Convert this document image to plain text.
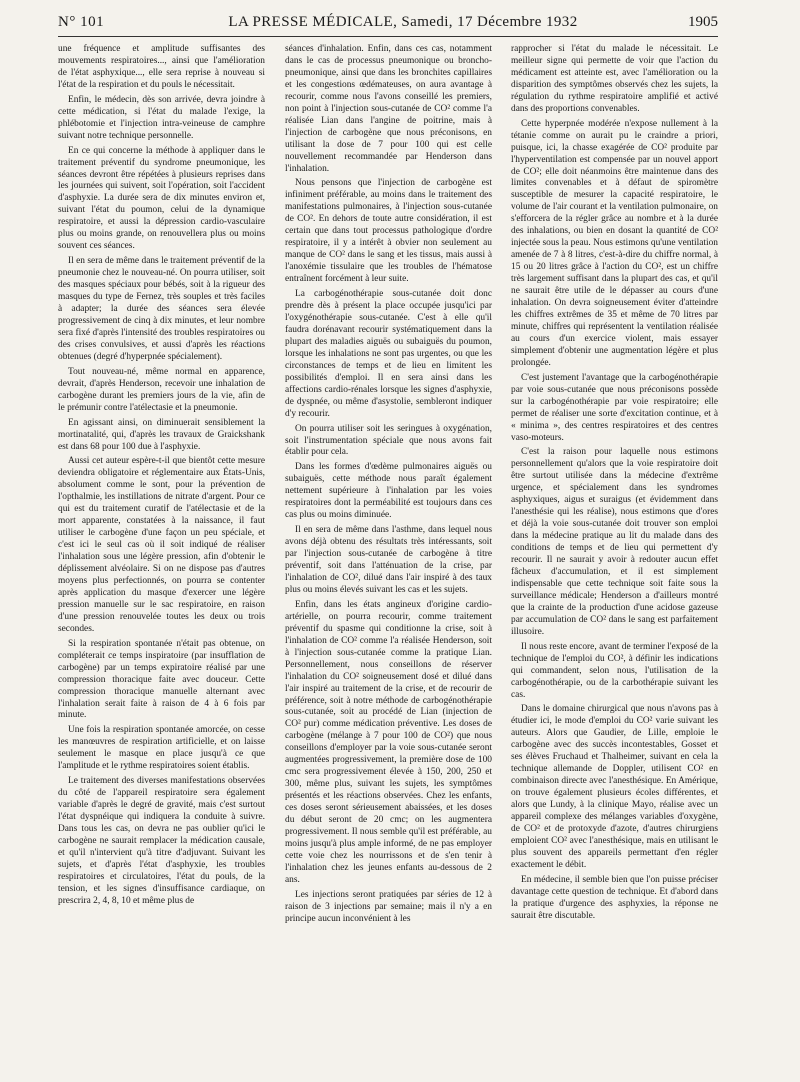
N° 101	LA PRESSE MÉDICALE, Samedi, 17 Décembre 1932	1905

une fréquence et amplitude suffisantes des mouvements respiratoires..., ainsi que l'amélioration de l'état asphyxique..., elle sera reprise à nouveau si l'état de la respiration et du pouls le nécessitait.

Enfin, le médecin, dès son arrivée, devra joindre à cette médication, si l'état du malade l'exige, la phlébotomie et l'injection intra-veineuse de camphre suivant notre technique personnelle.

En ce qui concerne la méthode à appliquer dans le traitement préventif du syndrome pneumonique, les séances devront être répétées à plusieurs reprises dans les journées qui suivent, soit l'opération, soit l'accident d'asphyxie. La durée sera de dix minutes environ et, suivant l'état du poumon, celui de la dynamique respiratoire, et aussi la dépression cardio-vasculaire plus ou moins grande, on renouvellera plus ou moins souvent ces séances.

Il en sera de même dans le traitement préventif de la pneumonie chez le nouveau-né. On pourra utiliser, soit des masques spéciaux pour bébés, soit à la rigueur des masques du type de Fernez, très souples et très faciles à adapter; la durée des séances sera élevée progressivement de cinq à dix minutes, et leur nombre sera fixé d'après l'intensité des troubles respiratoires ou des crises convulsives, et aussi d'après les réactions obtenues (degré d'hyperpnée spécialement).

Tout nouveau-né, même normal en apparence, devrait, d'après Henderson, recevoir une inhalation de carbogène durant les premiers jours de la vie, afin de le prémunir contre l'atélectasie et la pneumonie.

En agissant ainsi, on diminuerait sensiblement la mortinatalité, qui, d'après les travaux de Graickshank est dans 68 pour 100 due à l'asphyxie.

Aussi cet auteur espère-t-il que bientôt cette mesure deviendra obligatoire et réglementaire aux États-Unis, absolument comme le sont, pour la prévention de l'opthalmie, les instillations de nitrate d'argent. Pour ce qui est du traitement curatif de l'atélectasie et de la mort apparente, constatées à la naissance, il faut utiliser le carbogène d'une façon un peu spéciale, et c'est ici le seul cas où il soit indiqué de réaliser l'inhalation sous une légère pression, afin d'obtenir le déplissement alvéolaire. Si on ne dispose pas d'autres moyens plus perfectionnés, on pourra se contenter après application du masque d'exercer une légère pression manuelle sur le sac respiratoire, en raison d'une pression renouvelée toutes les deux ou trois secondes.

Si la respiration spontanée n'était pas obtenue, on compléterait ce temps inspiratoire (par insufflation de carbogène) par un temps expiratoire réalisé par une compression thoracique faite avec douceur. Cette compression thoracique manuelle alternant avec l'inhalation serait faite à raison de 4 à 6 fois par minute.

Une fois la respiration spontanée amorcée, on cesse les manœuvres de respiration artificielle, et on laisse seulement le masque en place jusqu'à ce que l'amplitude et le rythme respiratoires soient établis.

Le traitement des diverses manifestations observées du côté de l'appareil respiratoire sera également variable d'après le degré de gravité, mais c'est surtout l'état dyspnéique qui indiquera la conduite à suivre. Dans tous les cas, on devra ne pas oublier qu'ici le carbogène ne saurait remplacer la médication causale, et qu'il n'intervient qu'à titre d'adjuvant. Suivant les sujets, et d'après l'état d'asphyxie, les troubles respiratoires et circulatoires, l'état du pouls, de la tension, et les signes d'insuffisance cardiaque, on prescrira 2, 4, 8, 10 et même plus de

séances d'inhalation. Enfin, dans ces cas, notamment dans le cas de processus pneumonique ou broncho-pneumonique, ainsi que dans les bronchites capillaires et les congestions œdémateuses, on aura avantage à recourir, comme nous l'avons conseillé les premiers, non point à l'injection sous-cutanée de CO² comme l'a réalisée Lian dans l'angine de poitrine, mais à l'injection de carbogène que nous préconisons, en utilisant la dose de 7 pour 100 qui est celle nouvellement recommandée par Henderson dans l'inhalation.

Nous pensons que l'injection de carbogène est infiniment préférable, au moins dans le traitement des manifestations pulmonaires, à l'injection sous-cutanée de CO². En dehors de toute autre considération, il est certain que dans tout processus pathologique d'ordre respiratoire, il y a intérêt à obvier non seulement au manque de CO² dans le sang et les tissus, mais aussi à l'anoxémie tissulaire que les troubles de l'hématose entraînent forcément à leur suite.

La carbogénothérapie sous-cutanée doit donc prendre dès à présent la place occupée jusqu'ici par l'oxygénothérapie sous-cutanée. C'est à elle qu'il faudra dorénavant recourir systématiquement dans la plupart des maladies aiguës ou subaiguës du poumon, lorsque les inhalations ne sont pas urgentes, ou que les circonstances de temps et de lieu en limitent les possibilités d'emploi. Il en sera ainsi dans les affections cardio-rénales lorsque les signes d'asphyxie, de dyspnée, ou même d'asystolie, sembleront indiquer d'y recourir.

On pourra utiliser soit les seringues à oxygénation, soit l'instrumentation spéciale que nous avons fait établir pour cela.

Dans les formes d'œdème pulmonaires aiguës ou subaiguës, cette méthode nous paraît également nettement supérieure à l'inhalation par les voies respiratoires dont la perméabilité est toujours dans ces cas plus ou moins diminuée.

Il en sera de même dans l'asthme, dans lequel nous avons déjà obtenu des résultats très intéressants, soit par l'injection sous-cutanée de carbogène à titre préventif, soit dans l'atténuation de la crise, par l'inhalation de CO², dilué dans l'air inspiré à des taux plus ou moins élevés suivant les cas et les sujets.

Enfin, dans les états angineux d'origine cardio-artérielle, on pourra recourir, comme traitement préventif du spasme qui conditionne la crise, soit à l'inhalation de CO² comme l'a réalisée Henderson, soit à l'injection sous-cutanée comme la pratique Lian. Personnellement, nous conseillons de réserver l'inhalation du CO² soigneusement dosé et dilué dans l'air inspiré au traitement de la crise, et de recourir de préférence, soit à notre méthode de carbogénothérapie sous-cutanée, soit au procédé de Lian (injection de CO² pur) comme médication préventive. Les doses de carbogène (mélange à 7 pour 100 de CO²) que nous conseillons d'employer par la voie sous-cutanée seront augmentées progressivement, la première dose de 100 cmc sera progressivement élevée à 150, 200, 250 et 300, même plus, suivant les sujets, les symptômes présentés et les réactions observées. Chez les enfants, ces doses seront sérieusement abaissées, et les doses du début seront de 20 cmc; on les augmentera progressivement. Il nous semble qu'il est préférable, au moins jusqu'à plus ample informé, de ne pas employer cette voie chez les nourrissons et de s'en tenir à l'inhalation chez les jeunes enfants au-dessous de 2 ans.

Les injections seront pratiquées par séries de 12 à raison de 3 injections par semaine; mais il n'y a en principe aucun inconvénient à les

rapprocher si l'état du malade le nécessitait. Le meilleur signe qui permette de voir que l'action du médicament est atteinte est, avec l'amélioration ou la disparition des symptômes observés chez les sujets, la régulation du rythme respiratoire amplifié et activé dans des proportions convenables.

Cette hyperpnée modérée n'expose nullement à la tétanie comme on aurait pu le craindre a priori, puisque, ici, la chasse exagérée de CO² produite par l'hyperventilation est compensée par un nouvel apport de CO²; elle doit néanmoins être maintenue dans des limites convenables et à défaut de spiromètre susceptible de mesurer la capacité respiratoire, le volume de l'air courant et la ventilation pulmonaire, on s'efforcera de la régler grâce au nombre et à la durée des inhalations, ou bien en dosant la quantité de CO² injectée sous la peau. Nous estimons qu'une ventilation amenée de 7 à 8 litres, c'est-à-dire du chiffre normal, à 15 ou 20 litres grâce à l'action du CO², est un chiffre très largement suffisant dans la plupart des cas, et qu'il ne saurait être utile de le dépasser au cours d'une inhalation. On devra soigneusement éviter d'atteindre les chiffres extrêmes de 35 et même de 70 litres par minute, chiffres qui représentent la ventilation réalisée au cours d'un exercice violent, mais essayer simplement d'obtenir une augmentation légère et plus prolongée.

C'est justement l'avantage que la carbogénothérapie par voie sous-cutanée que nous préconisons possède sur la carbogénothérapie par voie respiratoire; elle permet de réaliser une sorte d'excitation continue, et à « minima », des centres respiratoires et des centres vaso-moteurs.

C'est la raison pour laquelle nous estimons personnellement qu'alors que la voie respiratoire doit être surtout utilisée dans la médecine d'extrême urgence, et spécialement dans les syndromes asphyxiques, aigus et suraigus (et évidemment dans l'anesthésie qui les réalise), nous estimons que d'ores et déjà la voie sous-cutanée doit trouver son emploi dans la médecine pratique au lit du malade dans des conditions de temps et de lieu qui permettent d'y recourir. Il ne saurait y avoir à redouter aucun effet fâcheux d'accumulation, et il est simplement indispensable que cette technique soit faite sous la surveillance médicale; Henderson a d'ailleurs montré que la crainte de la production d'une acidose gazeuse par accumulation de CO² dans le sang est parfaitement illusoire.

Il nous reste encore, avant de terminer l'exposé de la technique de l'emploi du CO², à définir les indications qui commandent, selon nous, l'utilisation de la carbogénothérapie, ou de la carbothérapie suivant les cas.

Dans le domaine chirurgical que nous n'avons pas à étudier ici, le mode d'emploi du CO² varie suivant les auteurs. Alors que Gaudier, de Lille, emploie le carbogène avec des succès incontestables, Gosset et ses élèves Fruchaud et Thalheimer, suivant en cela la technique allemande de Doppler, utilisent CO² en combinaison directe avec l'anesthésique. En Amérique, on trouve également plusieurs écoles différentes, et alors que Lundy, à la clinique Mayo, réalise avec un appareil complexe des mélanges variables d'oxygène, de CO² et de protoxyde d'azote, d'autres chirurgiens emploient CO² avec l'anesthésique, mais en utilisant le plus souvent des appareils permettant d'en régler exactement le débit.

En médecine, il semble bien que l'on puisse préciser davantage cette question de technique. Et d'abord dans la pratique d'urgence des asphyxies, la réponse ne saurait être discutable.
